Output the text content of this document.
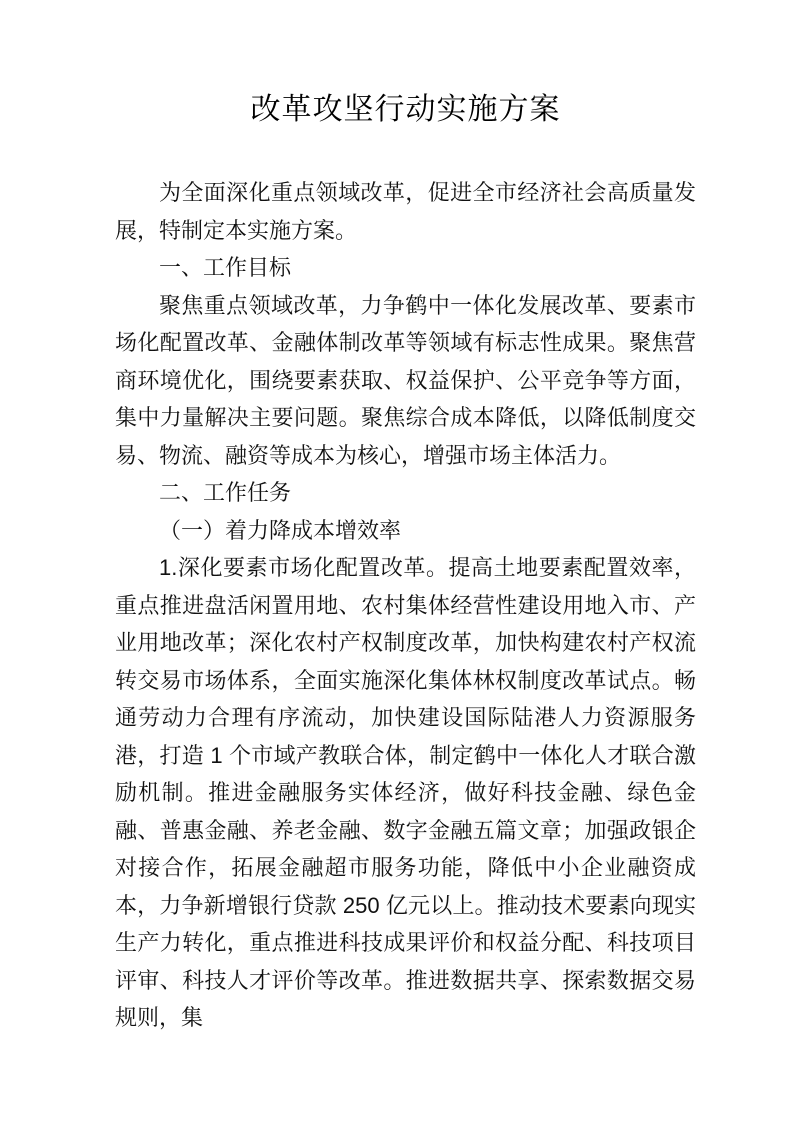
改革攻坚行动实施方案

为全面深化重点领域改革，促进全市经济社会高质量发展，特制定本实施方案。

一、工作目标

聚焦重点领域改革，力争鹤中一体化发展改革、要素市场化配置改革、金融体制改革等领域有标志性成果。聚焦营商环境优化，围绕要素获取、权益保护、公平竞争等方面，集中力量解决主要问题。聚焦综合成本降低，以降低制度交易、物流、融资等成本为核心，增强市场主体活力。

二、工作任务

（一）着力降成本增效率

1.深化要素市场化配置改革。提高土地要素配置效率，重点推进盘活闲置用地、农村集体经营性建设用地入市、产业用地改革；深化农村产权制度改革，加快构建农村产权流转交易市场体系，全面实施深化集体林权制度改革试点。畅通劳动力合理有序流动，加快建设国际陆港人力资源服务港，打造 1 个市域产教联合体，制定鹤中一体化人才联合激励机制。推进金融服务实体经济，做好科技金融、绿色金融、普惠金融、养老金融、数字金融五篇文章；加强政银企对接合作，拓展金融超市服务功能，降低中小企业融资成本，力争新增银行贷款 250 亿元以上。推动技术要素向现实生产力转化，重点推进科技成果评价和权益分配、科技项目评审、科技人才评价等改革。推进数据共享、探索数据交易规则，集
